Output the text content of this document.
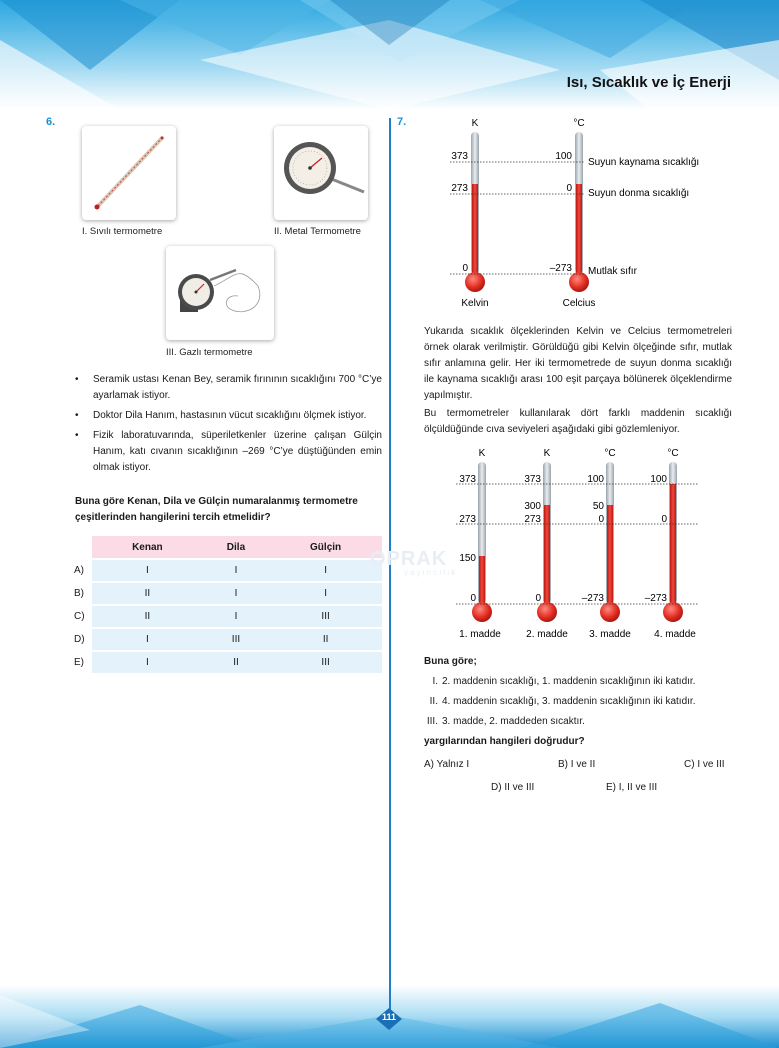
Isı, Sıcaklık ve İç Enerji
6.
I. Sıvılı termometre	II. Metal Termometre
III. Gazlı termometre
• Seramik ustası Kenan Bey, seramik fırınının sıcaklığını 700 °C’ye ayarlamak istiyor.
• Doktor Dila Hanım, hastasının vücut sıcaklığını ölçmek istiyor.
• Fizik laboratuvarında, süperiletkenler üzerine çalışan Gülçin Hanım, katı cıvanın sıcaklığının –269 °C’ye düştüğünden emin olmak istiyor.
Buna göre Kenan, Dila ve Gülçin numaralanmış termometre çeşitlerinden hangilerini tercih etmelidir?
	Kenan	Dila	Gülçin
A)	I	I	I
B)	II	I	I
C)	II	I	III
D)	I	III	II
E)	I	II	III
OPRAK
yayıncılık
7.	K	°C
373
273
0
100
0
–273
Suyun kaynama sıcaklığı
Suyun donma sıcaklığı
Mutlak sıfır
Kelvin	Celcius
Yukarıda sıcaklık ölçeklerinden Kelvin ve Celcius termometreleri örnek olarak verilmiştir. Görüldüğü gibi Kelvin ölçeğinde sıfır, mutlak sıfır anlamına gelir. Her iki termometrede de suyun donma sıcaklığı ile kaynama sıcaklığı arası 100 eşit parçaya bölünerek ölçeklendirme yapılmıştır.
Bu termometreler kullanılarak dört farklı maddenin sıcaklığı ölçüldüğünde cıva seviyeleri aşağıdaki gibi gözlemleniyor.
K	K	°C	°C
373
273
150
0
373
300
273
0
100
50
0
–273
100
0
–273
1. madde	2. madde 3. madde 4. madde
Buna göre;
I. 2. maddenin sıcaklığı, 1. maddenin sıcaklığının iki katıdır.
II. 4. maddenin sıcaklığı, 3. maddenin sıcaklığının iki katıdır.
III. 3. madde, 2. maddeden sıcaktır.
yargılarından hangileri doğrudur?
A) Yalnız I	B) I ve II	C) I ve III
D) II ve III	E) I, II ve III
111
